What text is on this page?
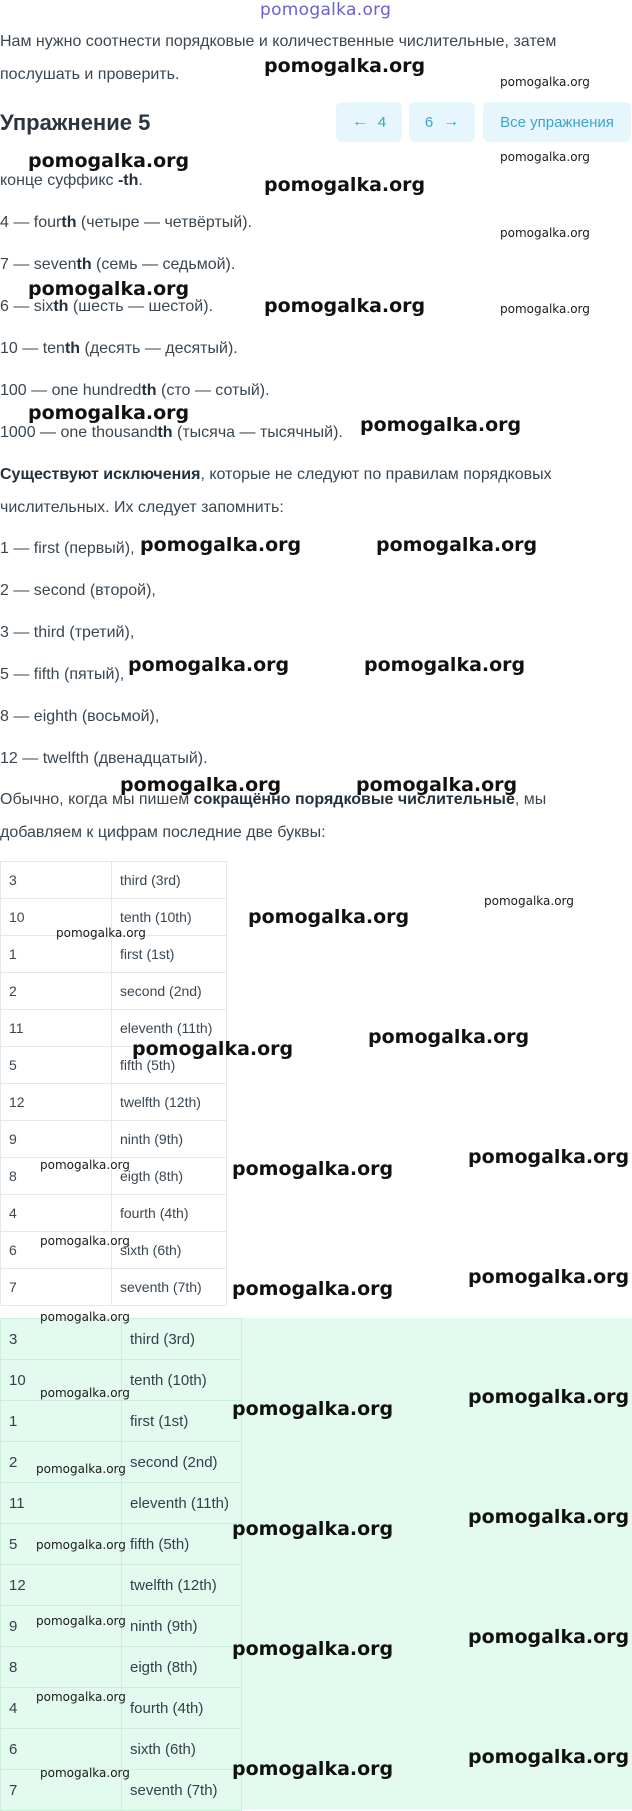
pomogalka.org
Нам нужно соотнести порядковые и количественные числительные, затем послушать и проверить.
Упражнение 5	← 4	6 →	Все упражнения
конце суффикс -th.
4 — fourth (четыре — четвёртый).
7 — seventh (семь — седьмой).
6 — sixth (шесть — шестой).
10 — tenth (десять — десятый).
100 — one hundredth (сто — сотый).
1000 — one thousandth (тысяча — тысячный).
Существуют исключения, которые не следуют по правилам порядковых числительных. Их следует запомнить:
1 — first (первый),
2 — second (второй),
3 — third (третий),
5 — fifth (пятый),
8 — eighth (восьмой),
12 — twelfth (двенадцатый).
Обычно, когда мы пишем сокращённо порядковые числительные, мы добавляем к цифрам последние две буквы:
3	third (3rd)
10	tenth (10th)
1	first (1st)
2	second (2nd)
11	eleventh (11th)
5	fifth (5th)
12	twelfth (12th)
9	ninth (9th)
8	eigth (8th)
4	fourth (4th)
6	sixth (6th)
7	seventh (7th)
3	third (3rd)
10	tenth (10th)
1	first (1st)
2	second (2nd)
11	eleventh (11th)
5	fifth (5th)
12	twelfth (12th)
9	ninth (9th)
8	eigth (8th)
4	fourth (4th)
6	sixth (6th)
7	seventh (7th)
pomogalka.org
pomogalka.org
pomogalka.org	pomogalka.org
pomogalka.org
pomogalka.org
pomogalka.org
pomogalka.org	pomogalka.org
pomogalka.org
pomogalka.org
pomogalka.org	pomogalka.org
pomogalka.org	pomogalka.org
pomogalka.org	pomogalka.org
pomogalka.org
pomogalka.org
pomogalka.org
pomogalka.org
pomogalka.org
pomogalka.org
pomogalka.org	pomogalka.org
pomogalka.org
pomogalka.org
pomogalka.org
pomogalka.org
pomogalka.org	pomogalka.org
pomogalka.org
pomogalka.org
pomogalka.org
pomogalka.org
pomogalka.org
pomogalka.org
pomogalka.org
pomogalka.org
pomogalka.org
pomogalka.org
pomogalka.org
pomogalka.org
